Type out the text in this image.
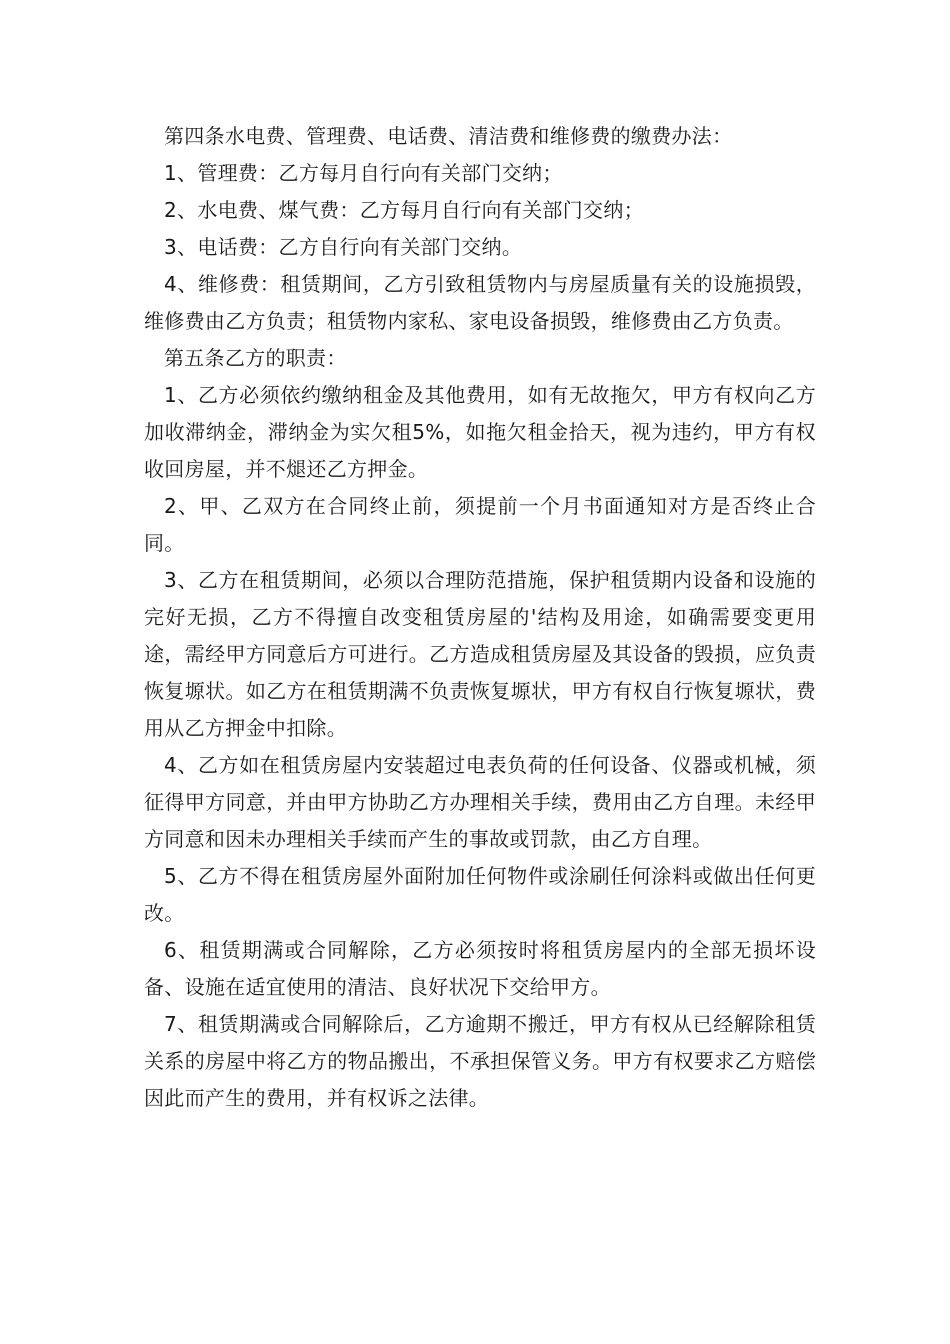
第四条水电费、管理费、电话费、清洁费和维修费的缴费办法：

1、管理费：乙方每月自行向有关部门交纳；

2、水电费、煤气费：乙方每月自行向有关部门交纳；

3、电话费：乙方自行向有关部门交纳。

4、维修费：租赁期间，乙方引致租赁物内与房屋质量有关的设施损毁，维修费由乙方负责；租赁物内家私、家电设备损毁，维修费由乙方负责。

第五条乙方的职责：

1、乙方必须依约缴纳租金及其他费用，如有无故拖欠，甲方有权向乙方加收滞纳金，滞纳金为实欠租5%，如拖欠租金拾天，视为违约，甲方有权收回房屋，并不煺还乙方押金。

2、甲、乙双方在合同终止前，须提前一个月书面通知对方是否终止合同。

3、乙方在租赁期间，必须以合理防范措施，保护租赁期内设备和设施的完好无损，乙方不得擅自改变租赁房屋的'结构及用途，如确需要变更用途，需经甲方同意后方可进行。乙方造成租赁房屋及其设备的毁损，应负责恢复塬状。如乙方在租赁期满不负责恢复塬状，甲方有权自行恢复塬状，费用从乙方押金中扣除。

4、乙方如在租赁房屋内安装超过电表负荷的任何设备、仪器或机械，须征得甲方同意，并由甲方协助乙方办理相关手续，费用由乙方自理。未经甲方同意和因未办理相关手续而产生的事故或罚款，由乙方自理。

5、乙方不得在租赁房屋外面附加任何物件或涂刷任何涂料或做出任何更改。

6、租赁期满或合同解除，乙方必须按时将租赁房屋内的全部无损坏设备、设施在适宜使用的清洁、良好状况下交给甲方。

7、租赁期满或合同解除后，乙方逾期不搬迁，甲方有权从已经解除租赁关系的房屋中将乙方的物品搬出，不承担保管义务。甲方有权要求乙方赔偿因此而产生的费用，并有权诉之法律。
